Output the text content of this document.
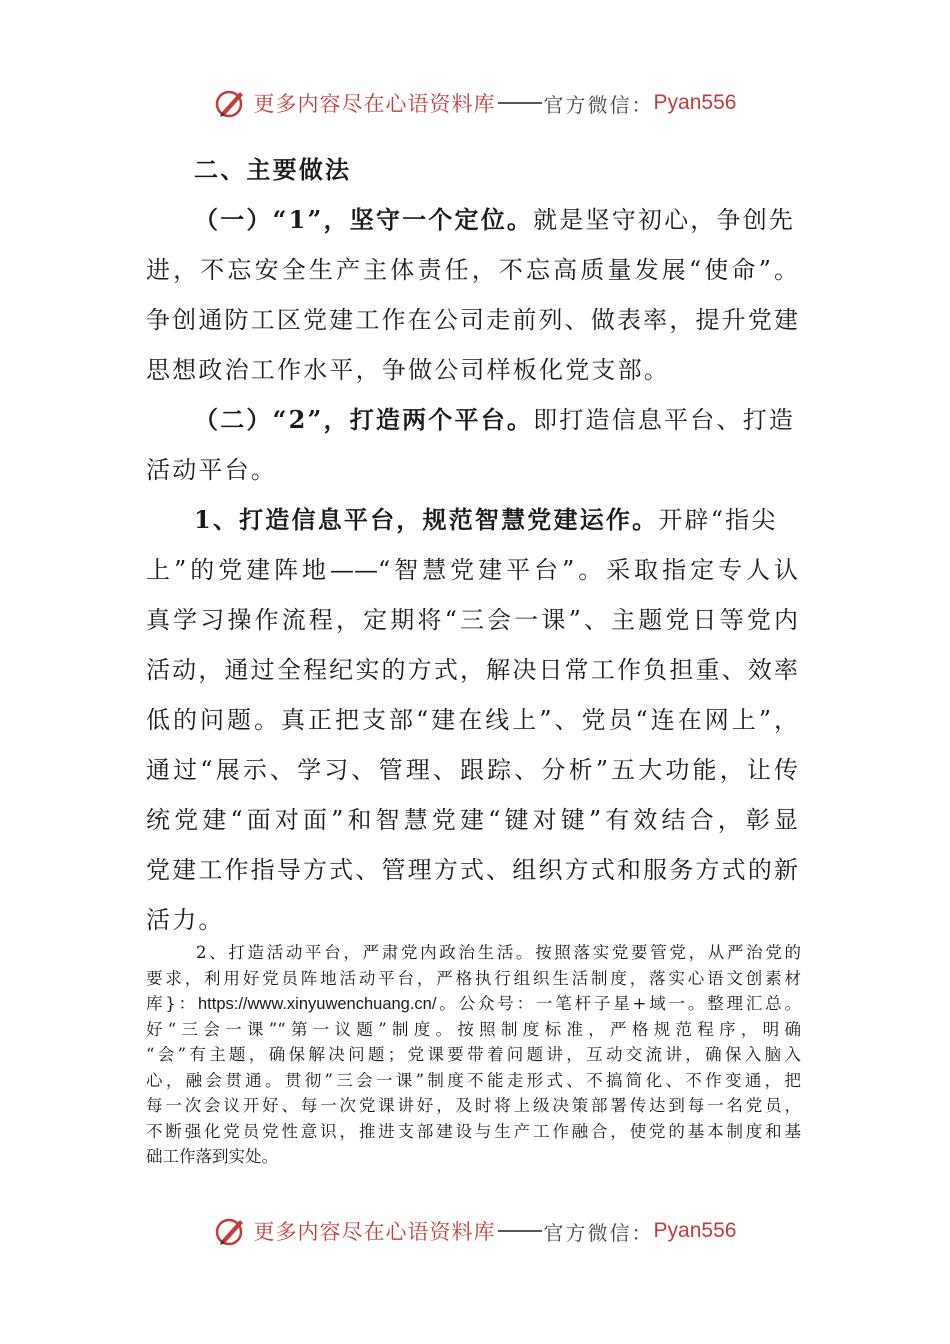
更多内容尽在心语资料库 官方微信： Pyan556
二、主要做法
（一）“1”，坚守一个定位。就是坚守初心，争创先
进，不忘安全生产主体责任，不忘高质量发展“使命”。
争创通防工区党建工作在公司走前列、做表率，提升党建
思想政治工作水平，争做公司样板化党支部。
（二）“2”，打造两个平台。即打造信息平台、打造
活动平台。
1、打造信息平台，规范智慧党建运作。开辟“指尖
上”的党建阵地——“智慧党建平台”。采取指定专人认
真学习操作流程，定期将“三会一课”、主题党日等党内
活动，通过全程纪实的方式，解决日常工作负担重、效率
低的问题。真正把支部“建在线上”、党员“连在网上”，
通过“展示、学习、管理、跟踪、分析”五大功能，让传
统党建“面对面”和智慧党建“键对键”有效结合，彰显
党建工作指导方式、管理方式、组织方式和服务方式的新
活力。
2、打造活动平台，严肃党内政治生活。按照落实党要管党，从严治党的
要求，利用好党员阵地活动平台，严格执行组织生活制度，落实心语文创素材
库}：https://www.xinyuwenchuang.cn/。公众号：一笔杆子星+域一。整理汇总。
好“三会一课”“第一议题”制度。按照制度标准，严格规范程序，明确
“会”有主题，确保解决问题；党课要带着问题讲，互动交流讲，确保入脑入
心，融会贯通。贯彻”三会一课”制度不能走形式、不搞简化、不作变通，把
每一次会议开好、每一次党课讲好，及时将上级决策部署传达到每一名党员，
不断强化党员党性意识，推进支部建设与生产工作融合，使党的基本制度和基
础工作落到实处。
更多内容尽在心语资料库 官方微信： Pyan556
